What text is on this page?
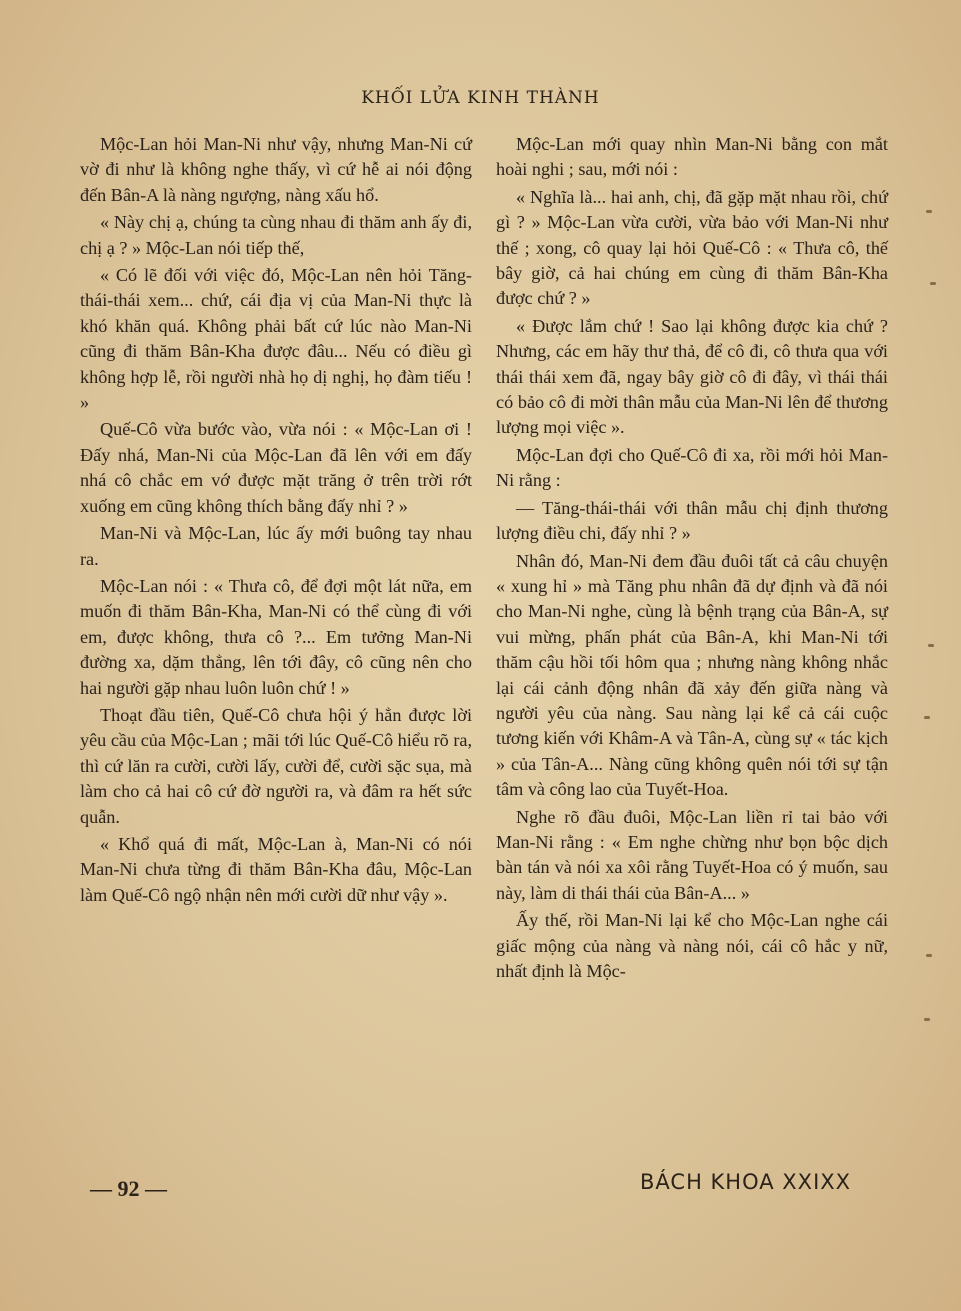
KHỐI LỬA KINH THÀNH

Mộc-Lan hỏi Man-Ni như vậy, nhưng Man-Ni cứ vờ đi như là không nghe thấy, vì cứ hễ ai nói động đến Bân-A là nàng ngượng, nàng xấu hổ.

« Này chị ạ, chúng ta cùng nhau đi thăm anh ấy đi, chị ạ ? » Mộc-Lan nói tiếp thế,

« Có lẽ đối với việc đó, Mộc-Lan nên hỏi Tăng-thái-thái xem... chứ, cái địa vị của Man-Ni thực là khó khăn quá. Không phải bất cứ lúc nào Man-Ni cũng đi thăm Bân-Kha được đâu... Nếu có điều gì không hợp lễ, rồi người nhà họ dị nghị, họ đàm tiếu ! »

Quế-Cô vừa bước vào, vừa nói : « Mộc-Lan ơi ! Đấy nhá, Man-Ni của Mộc-Lan đã lên với em đấy nhá cô chắc em vớ được mặt trăng ở trên trời rớt xuống em cũng không thích bằng đấy nhỉ ? »

Man-Ni và Mộc-Lan, lúc ấy mới buông tay nhau ra.

Mộc-Lan nói : « Thưa cô, để đợi một lát nữa, em muốn đi thăm Bân-Kha, Man-Ni có thể cùng đi với em, được không, thưa cô ?... Em tưởng Man-Ni đường xa, dặm thẳng, lên tới đây, cô cũng nên cho hai người gặp nhau luôn luôn chứ ! »

Thoạt đầu tiên, Quế-Cô chưa hội ý hẳn được lời yêu cầu của Mộc-Lan ; mãi tới lúc Quế-Cô hiểu rõ ra, thì cứ lăn ra cười, cười lấy, cười để, cười sặc sụa, mà làm cho cả hai cô cứ đờ người ra, và đâm ra hết sức quẫn.

« Khổ quá đi mất, Mộc-Lan à, Man-Ni có nói Man-Ni chưa từng đi thăm Bân-Kha đâu, Mộc-Lan làm Quế-Cô ngộ nhận nên mới cười dữ như vậy ».

Mộc-Lan mới quay nhìn Man-Ni bằng con mắt hoài nghi ; sau, mới nói :

« Nghĩa là... hai anh, chị, đã gặp mặt nhau rồi, chứ gì ? » Mộc-Lan vừa cười, vừa bảo với Man-Ni như thế ; xong, cô quay lại hỏi Quế-Cô : « Thưa cô, thế bây giờ, cả hai chúng em cùng đi thăm Bân-Kha được chứ ? »

« Được lắm chứ ! Sao lại không được kia chứ ? Nhưng, các em hãy thư thả, để cô đi, cô thưa qua với thái thái xem đã, ngay bây giờ cô đi đây, vì thái thái có bảo cô đi mời thân mẫu của Man-Ni lên để thương lượng mọi việc ».

Mộc-Lan đợi cho Quế-Cô đi xa, rồi mới hỏi Man-Ni rằng :

— Tăng-thái-thái với thân mẫu chị định thương lượng điều chi, đấy nhỉ ? »

Nhân đó, Man-Ni đem đầu đuôi tất cả câu chuyện « xung hỉ » mà Tăng phu nhân đã dự định và đã nói cho Man-Ni nghe, cùng là bệnh trạng của Bân-A, sự vui mừng, phấn phát của Bân-A, khi Man-Ni tới thăm cậu hồi tối hôm qua ; nhưng nàng không nhắc lại cái cảnh động nhân đã xảy đến giữa nàng và người yêu của nàng. Sau nàng lại kể cả cái cuộc tương kiến với Khâm-A và Tân-A, cùng sự « tác kịch » của Tân-A... Nàng cũng không quên nói tới sự tận tâm và công lao của Tuyết-Hoa.

Nghe rõ đầu đuôi, Mộc-Lan liền rỉ tai bảo với Man-Ni rằng : « Em nghe chừng như bọn bộc dịch bàn tán và nói xa xôi rằng Tuyết-Hoa có ý muốn, sau này, làm di thái thái của Bân-A... »

Ấy thế, rồi Man-Ni lại kể cho Mộc-Lan nghe cái giấc mộng của nàng và nàng nói, cái cô hắc y nữ, nhất định là Mộc-

— 92 —	BÁCH KHOA XXIXX
